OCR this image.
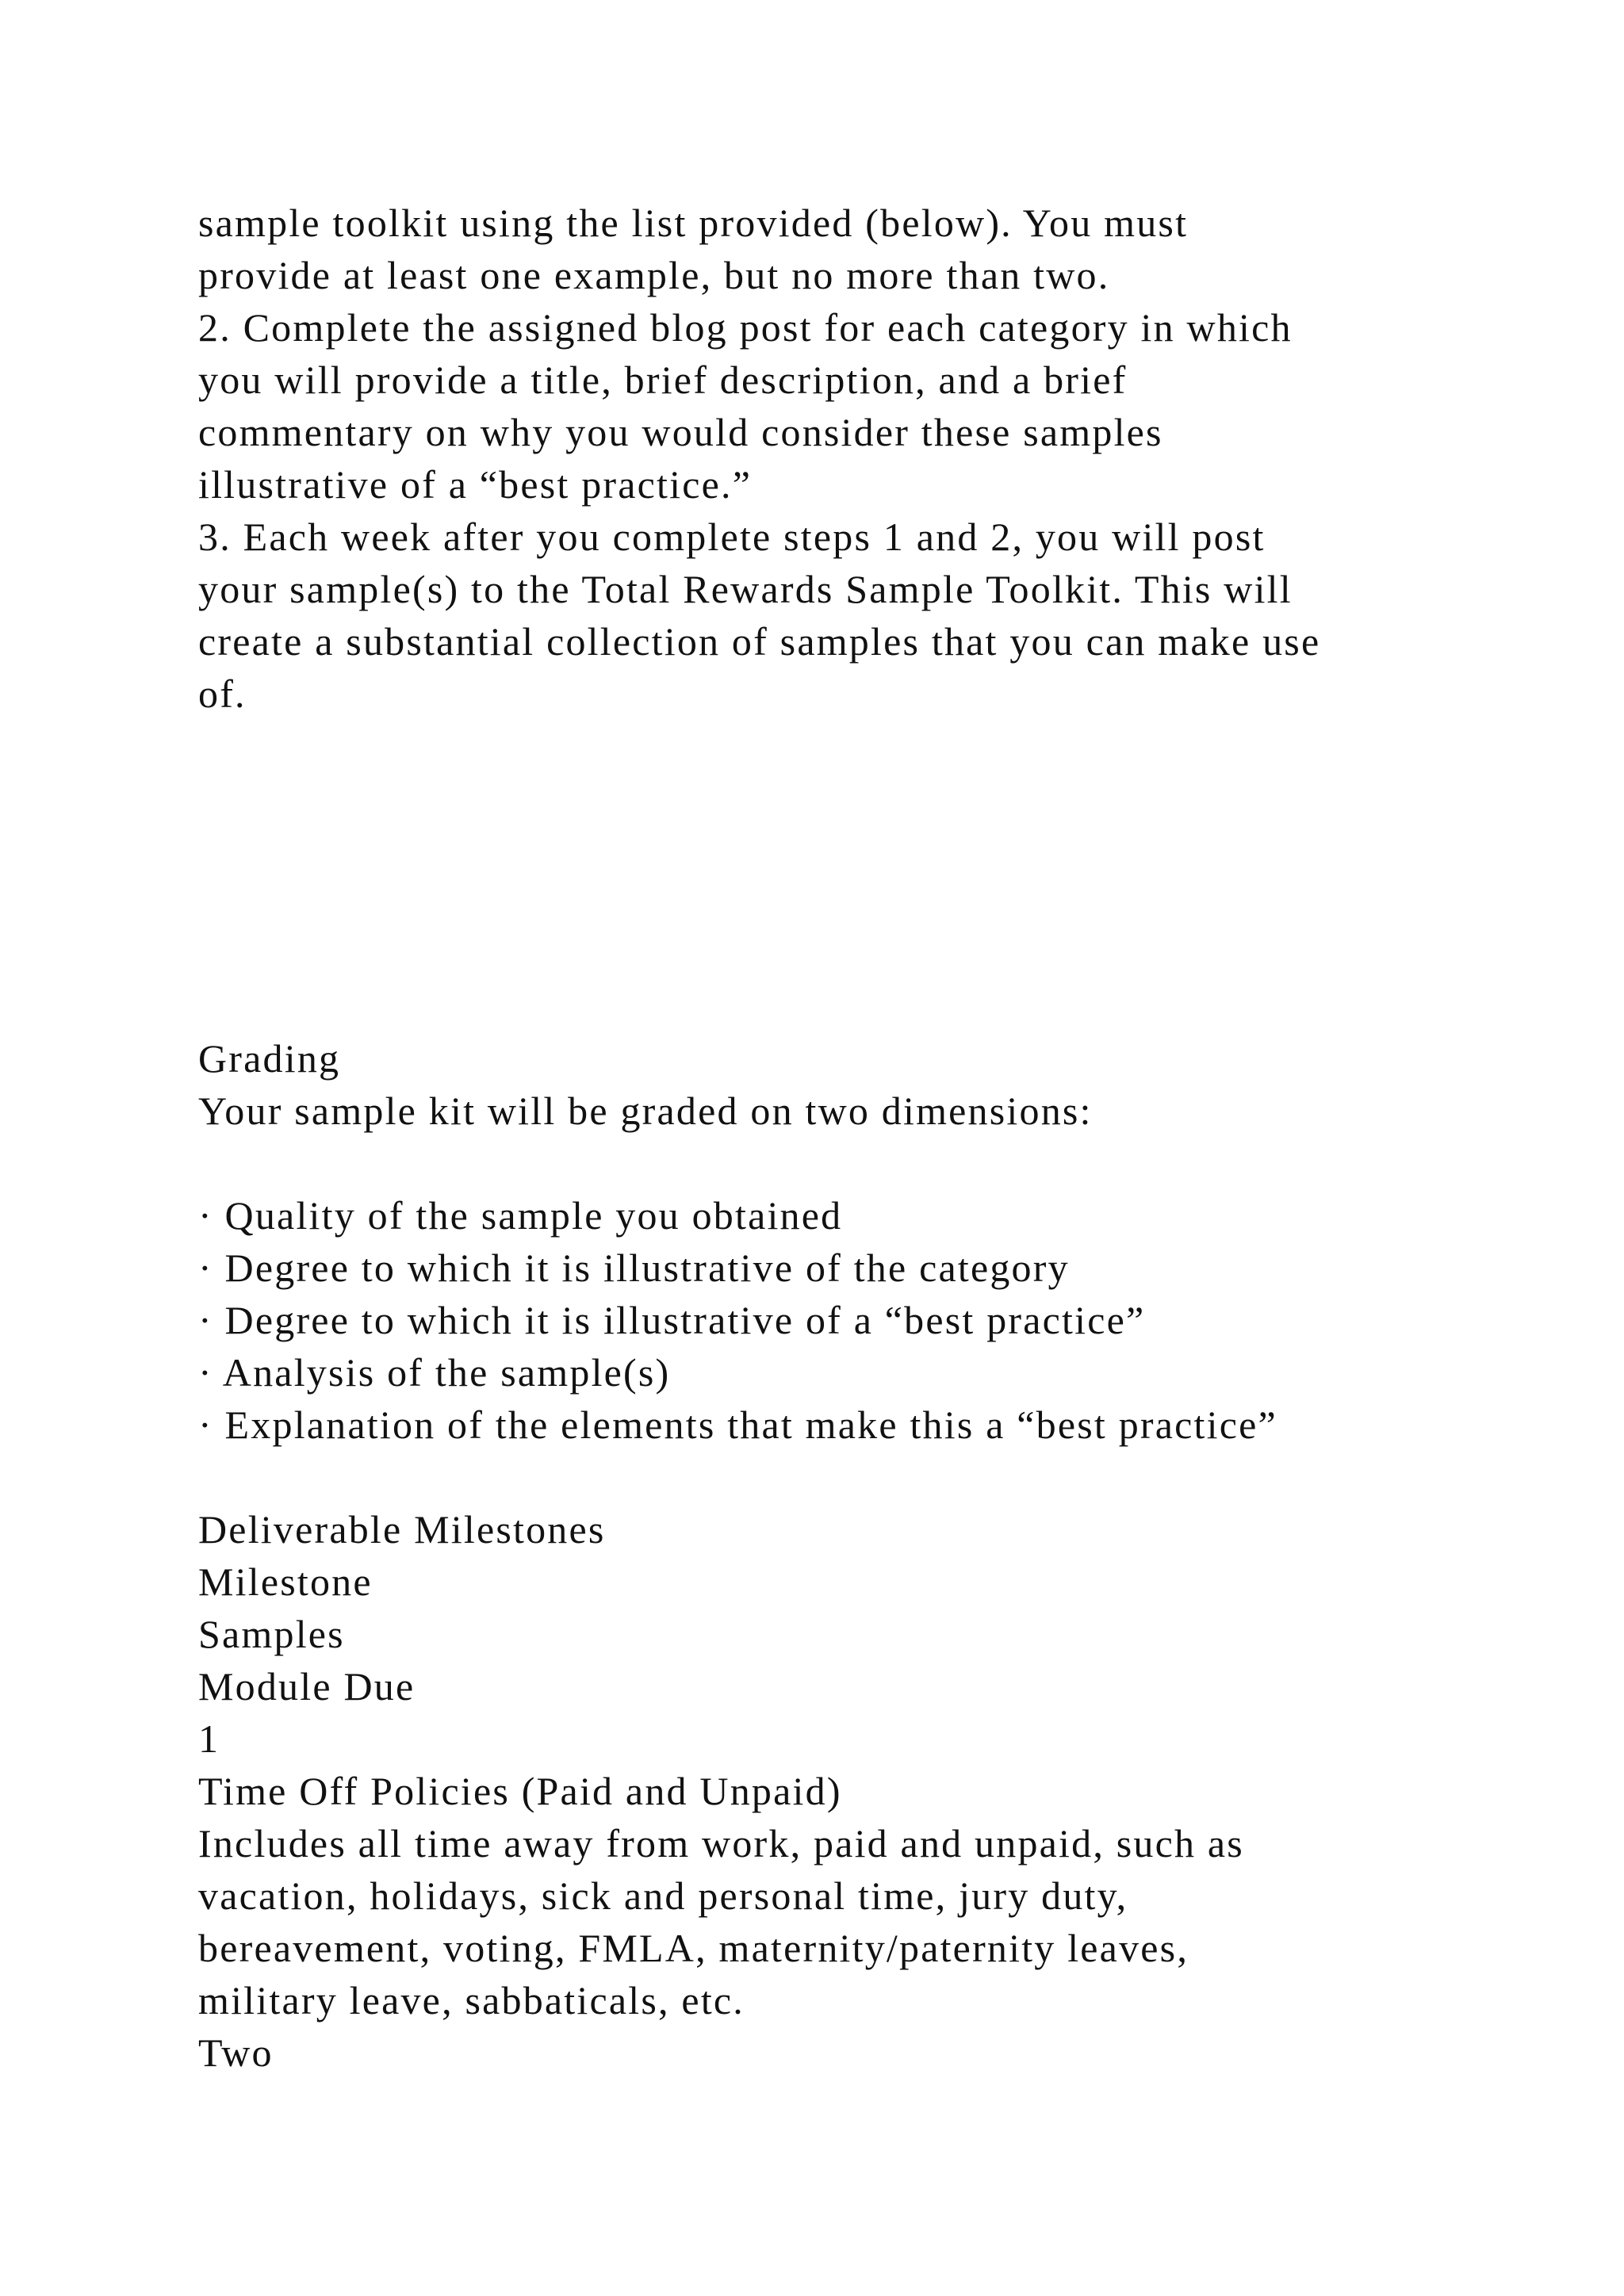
sample toolkit using the list provided (below). You must
provide at least one example, but no more than two.
2. Complete the assigned blog post for each category in which
you will provide a title, brief description, and a brief
commentary on why you would consider these samples
illustrative of a “best practice.”
3. Each week after you complete steps 1 and 2, you will post
your sample(s) to the Total Rewards Sample Toolkit. This will
create a substantial collection of samples that you can make use
of.
Grading
Your sample kit will be graded on two dimensions:
· Quality of the sample you obtained
· Degree to which it is illustrative of the category
· Degree to which it is illustrative of a “best practice”
· Analysis of the sample(s)
· Explanation of the elements that make this a “best practice”
Deliverable Milestones
Milestone
Samples
Module Due
1
Time Off Policies (Paid and Unpaid)
Includes all time away from work, paid and unpaid, such as
vacation, holidays, sick and personal time, jury duty,
bereavement, voting, FMLA, maternity/paternity leaves,
military leave, sabbaticals, etc.
Two
